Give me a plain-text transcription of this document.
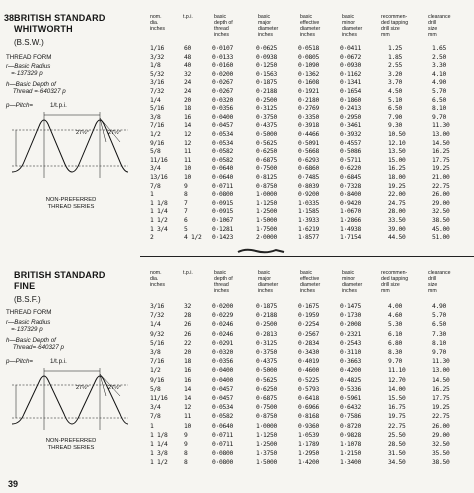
38 BRITISH STANDARD
WHITWORTH
(B.S.W.)
THREAD FORM
r—Basic Radius
=·137329 p
h—Basic Depth of
Thread =·640327 p
p—Pitch=	1/t.p.i.
27½°	27½°
NON-PREFERRED
THREAD SERIES
nom.
dia.
inches
t.p.i.	basic
depth of
thread
inches
basic
major
diameter
inches
basic
effective
diameter
inches
basic
minor
diameter
inches
recommen-
ded tapping
drill size
mm
clearance
drill
size
mm
1/16	60	0·0107	0·0625	0·0518	0·0411	1.25	1.65
3/32	48	0·0133	0·0938	0·0805	0·0672	1.85	2.50
1/8	40	0·0160	0·1250	0·1090	0·0930	2.55	3.30
5/32	32	0·0200	0·1563	0·1362	0·1162	3.20	4.10
3/16	24	0·0267	0·1875	0·1608	0·1341	3.70	4.90
7/32	24	0·0267	0·2188	0·1921	0·1654	4.50	5.70
1/4	20	0·0320	0·2500	0·2180	0·1860	5.10	6.50
5/16	18	0·0356	0·3125	0·2769	0·2413	6.50	8.10
3/8	16	0·0400	0·3750	0·3350	0·2950	7.90	9.70
7/16	14	0·0457	0·4375	0·3918	0·3461	9.30	11.30
1/2	12	0·0534	0·5000	0·4466	0·3932	10.50	13.00
9/16	12	0·0534	0·5625	0·5091	0·4557	12.10	14.50
5/8	11	0·0582	0·6250	0·5668	0·5086	13.50	16.25
11/16	11	0·0582	0·6875	0·6293	0·5711	15.00	17.75
3/4	10	0·0640	0·7500	0·6860	0·6220	16.25	19.25
13/16	10	0·0640	0·8125	0·7485	0·6845	18.00	21.00
7/8	9	0·0711	0·8750	0·8039	0·7328	19.25	22.75
1	8	0·0800	1·0000	0·9200	0·8400	22.00	26.00
1 1/8	7	0·0915	1·1250	1·0335	0·9420	24.75	29.00
1 1/4	7	0·0915	1·2500	1·1585	1·0670	28.00	32.50
1 1/2	6	0·1067	1·5000	1·3933	1·2866	33.50	38.50
1 3/4	5	0·1281	1·7500	1·6219	1·4938	39.00	45.00
2	4 1/2 0·1423	2·0000	1·8577	1·7154	44.50	51.00
BRITISH STANDARD
FINE
(B.S.F.)
THREAD FORM
r—Basic Radius
=·137329 p
h—Basic Depth of
Thread=·640327 p
p—Pitch=	1/t.p.i.
27½°	27½°
NON-PREFERRED
THREAD SERIES
nom.
dia.
inches
t.p.i.	basic
depth of
thread
inches
basic
major
diameter
inches
basic
effective
diameter
inches
basic
minor
diameter
inches
recommen-
ded tapping
drill size
mm
clearance
drill
size
mm
3/16	32	0·0200	0·1875	0·1675	0·1475	4.00	4.90
7/32	28	0·0229	0·2188	0·1959	0·1730	4.60	5.70
1/4	26	0·0246	0·2500	0·2254	0·2008	5.30	6.50
9/32	26	0·0246	0·2813	0·2567	0·2321	6.10	7.30
5/16	22	0·0291	0·3125	0·2834	0·2543	6.80	8.10
3/8	20	0·0320	0·3750	0·3430	0·3110	8.30	9.70
7/16	18	0·0356	0·4375	0·4019	0·3663	9.70	11.30
1/2	16	0·0400	0·5000	0·4600	0·4200	11.10	13.00
9/16	16	0·0400	0·5625	0·5225	0·4825	12.70	14.50
5/8	14	0·0457	0·6250	0·5793	0·5336	14.00	16.25
11/16	14	0·0457	0·6875	0·6418	0·5961	15.50	17.75
3/4	12	0·0534	0·7500	0·6966	0·6432	16.75	19.25
7/8	11	0·0582	0·8750	0·8168	0·7586	19.75	22.75
1	10	0·0640	1·0000	0·9360	0·8720	22.75	26.00
1 1/8	9	0·0711	1·1250	1·0539	0·9828	25.50	29.00
1 1/4	9	0·0711	1·2500	1·1789	1·1078	28.50	32.50
1 3/8	8	0·0800	1·3750	1·2950	1·2150	31.50	35.50
1 1/2	8	0·0800	1·5000	1·4200	1·3400	34.50	38.50
39
